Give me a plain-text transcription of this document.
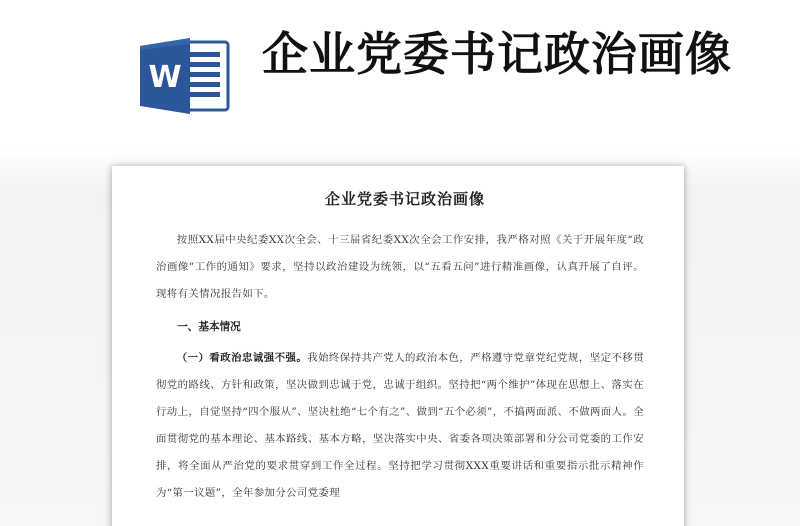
W 企业党委书记政治画像
企业党委书记政治画像

按照XX届中央纪委XX次全会、十三届省纪委XX次全会工作安排，我严格对照《关于开展年度“政治画像”工作的通知》要求，坚持以政治建设为统领，以“五看五问”进行精准画像，认真开展了自评。现将有关情况报告如下。

一、基本情况

（一）看政治忠诚强不强。我始终保持共产党人的政治本色，严格遵守党章党纪党规，坚定不移贯彻党的路线、方针和政策，坚决做到忠诚于党，忠诚于组织。坚持把“两个维护”体现在思想上、落实在行动上，自觉坚持“四个服从”、坚决杜绝“七个有之”、做到“五个必须”，不搞两面派、不做两面人。全面贯彻党的基本理论、基本路线、基本方略，坚决落实中央、省委各项决策部署和分公司党委的工作安排，将全面从严治党的要求贯穿到工作全过程。坚持把学习贯彻XXX重要讲话和重要指示批示精神作为“第一议题”，全年参加分公司党委理
